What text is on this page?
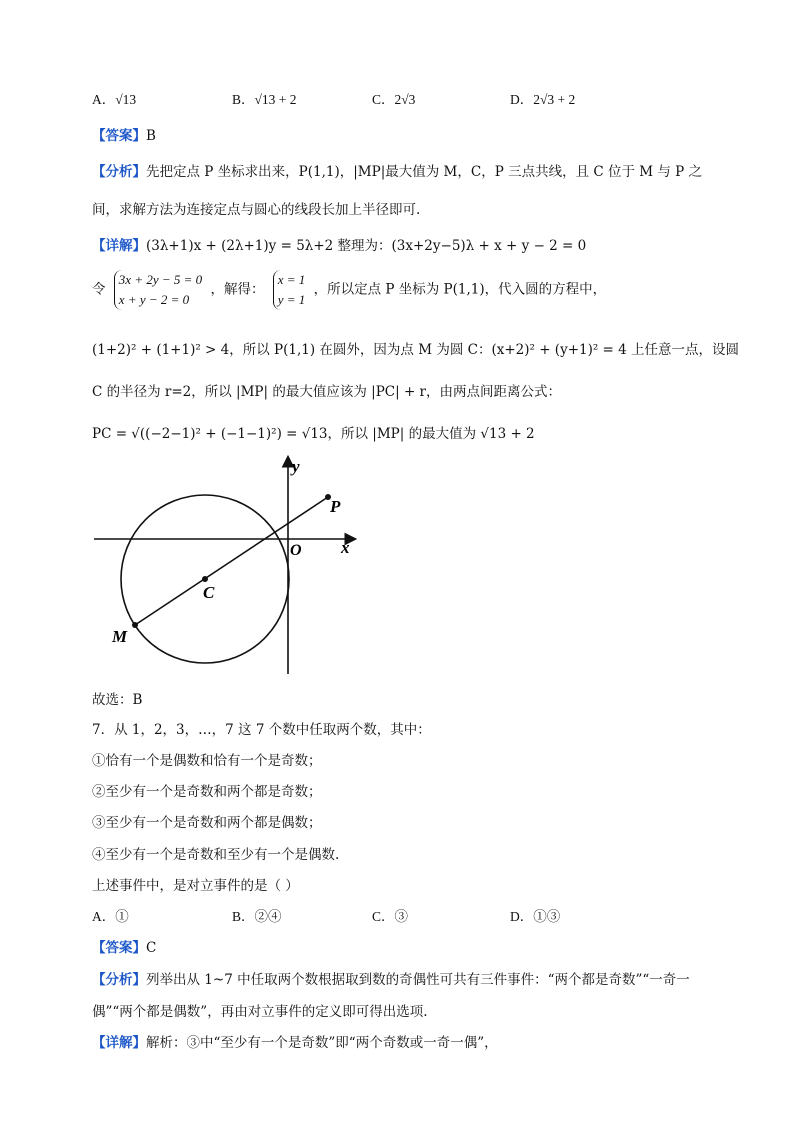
A．√13	B．√13 + 2	C．2√3	D．2√3 + 2
【答案】B
【分析】先把定点 P 坐标求出来，P(1,1)，|MP|最大值为 M，C，P 三点共线，且 C 位于 M 与 P 之
间，求解方法为连接定点与圆心的线段长加上半径即可.
【详解】(3λ+1)x + (2λ+1)y = 5λ+2 整理为：(3x+2y−5)λ + x + y − 2 = 0
令
3x + 2y − 5 = 0
x + y − 2 = 0
，解得：
x = 1
y = 1
，所以定点 P 坐标为 P(1,1)，代入圆的方程中，
(1+2)² + (1+1)² > 4，所以 P(1,1) 在圆外，因为点 M 为圆 C：(x+2)² + (y+1)² = 4 上任意一点，设圆
C 的半径为 r=2，所以 |MP| 的最大值应该为 |PC| + r，由两点间距离公式：
PC = √((−2−1)² + (−1−1)²) = √13，所以 |MP| 的最大值为 √13 + 2
y
x
O
P
C
M
故选：B
7．从 1，2，3，…，7 这 7 个数中任取两个数，其中：
①恰有一个是偶数和恰有一个是奇数；
②至少有一个是奇数和两个都是奇数；
③至少有一个是奇数和两个都是偶数；
④至少有一个是奇数和至少有一个是偶数.
上述事件中，是对立事件的是（ ）
A．①	B．②④	C．③	D．①③
【答案】C
【分析】列举出从 1~7 中任取两个数根据取到数的奇偶性可共有三件事件：“两个都是奇数”“一奇一
偶”“两个都是偶数”，再由对立事件的定义即可得出选项.
【详解】解析：③中“至少有一个是奇数”即“两个奇数或一奇一偶”，
